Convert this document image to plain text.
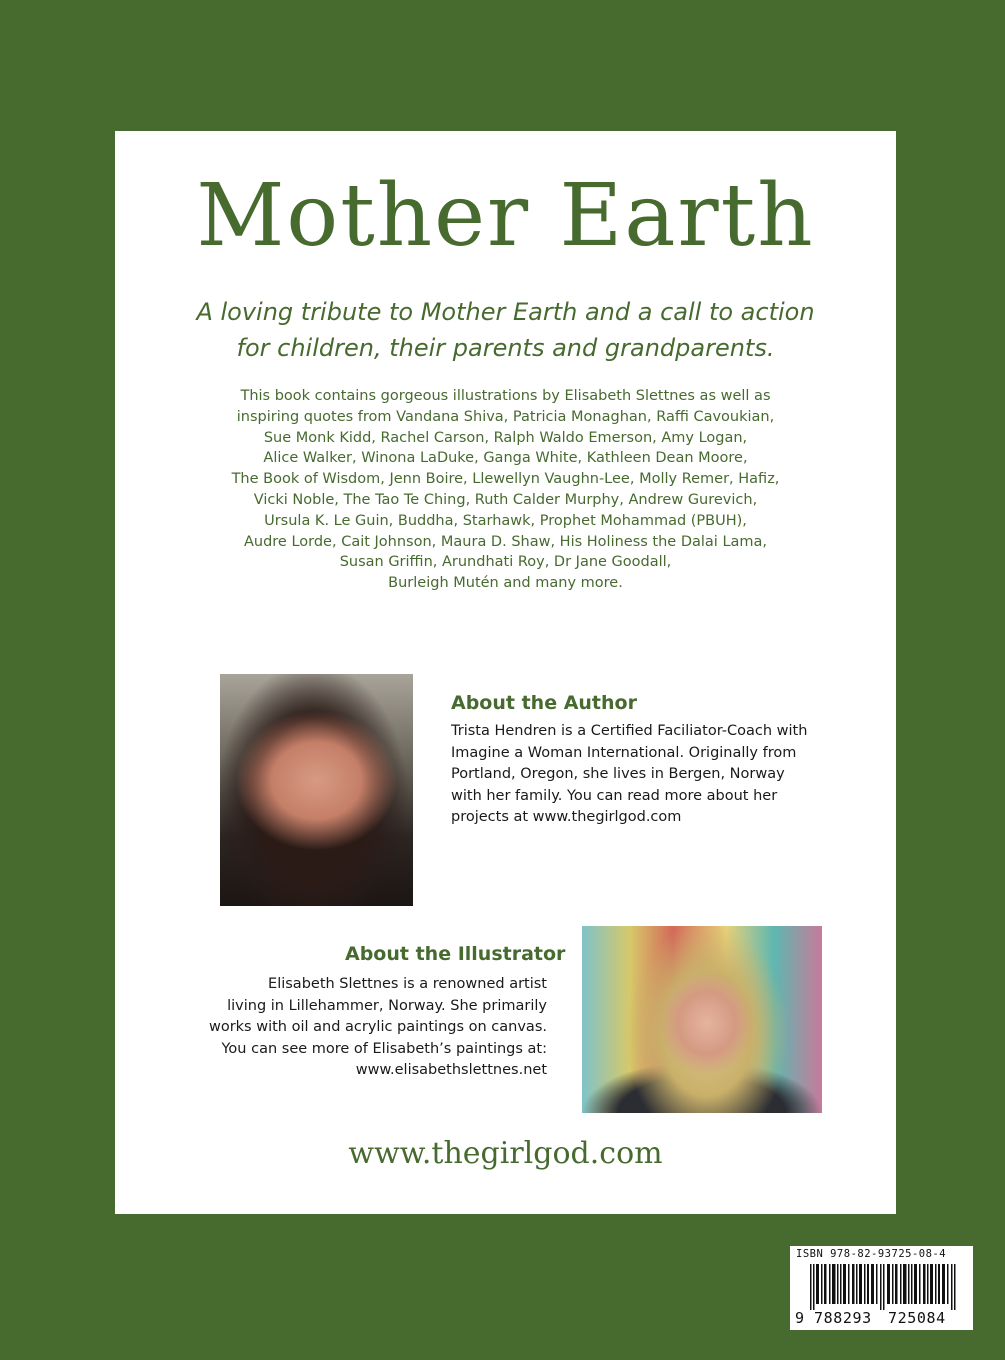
Mother Earth
A loving tribute to Mother Earth and a call to action
for children, their parents and grandparents.
This book contains gorgeous illustrations by Elisabeth Slettnes as well as
inspiring quotes from Vandana Shiva, Patricia Monaghan, Raffi Cavoukian,
Sue Monk Kidd, Rachel Carson, Ralph Waldo Emerson, Amy Logan,
Alice Walker, Winona LaDuke, Ganga White, Kathleen Dean Moore,
The Book of Wisdom, Jenn Boire, Llewellyn Vaughn-Lee, Molly Remer, Hafiz,
Vicki Noble, The Tao Te Ching, Ruth Calder Murphy, Andrew Gurevich,
Ursula K. Le Guin, Buddha, Starhawk, Prophet Mohammad (PBUH),
Audre Lorde, Cait Johnson, Maura D. Shaw, His Holiness the Dalai Lama,
Susan Griffin, Arundhati Roy, Dr Jane Goodall,
Burleigh Mutén and many more.
About the Author
Trista Hendren is a Certified Faciliator-Coach with
Imagine a Woman International. Originally from
Portland, Oregon, she lives in Bergen, Norway
with her family. You can read more about her
projects at www.thegirlgod.com
About the Illustrator
Elisabeth Slettnes is a renowned artist
living in Lillehammer, Norway. She primarily
works with oil and acrylic paintings on canvas.
You can see more of Elisabeth’s paintings at:
www.elisabethslettnes.net
www.thegirlgod.com
ISBN 978-82-93725-08-4
9 788293 725084
